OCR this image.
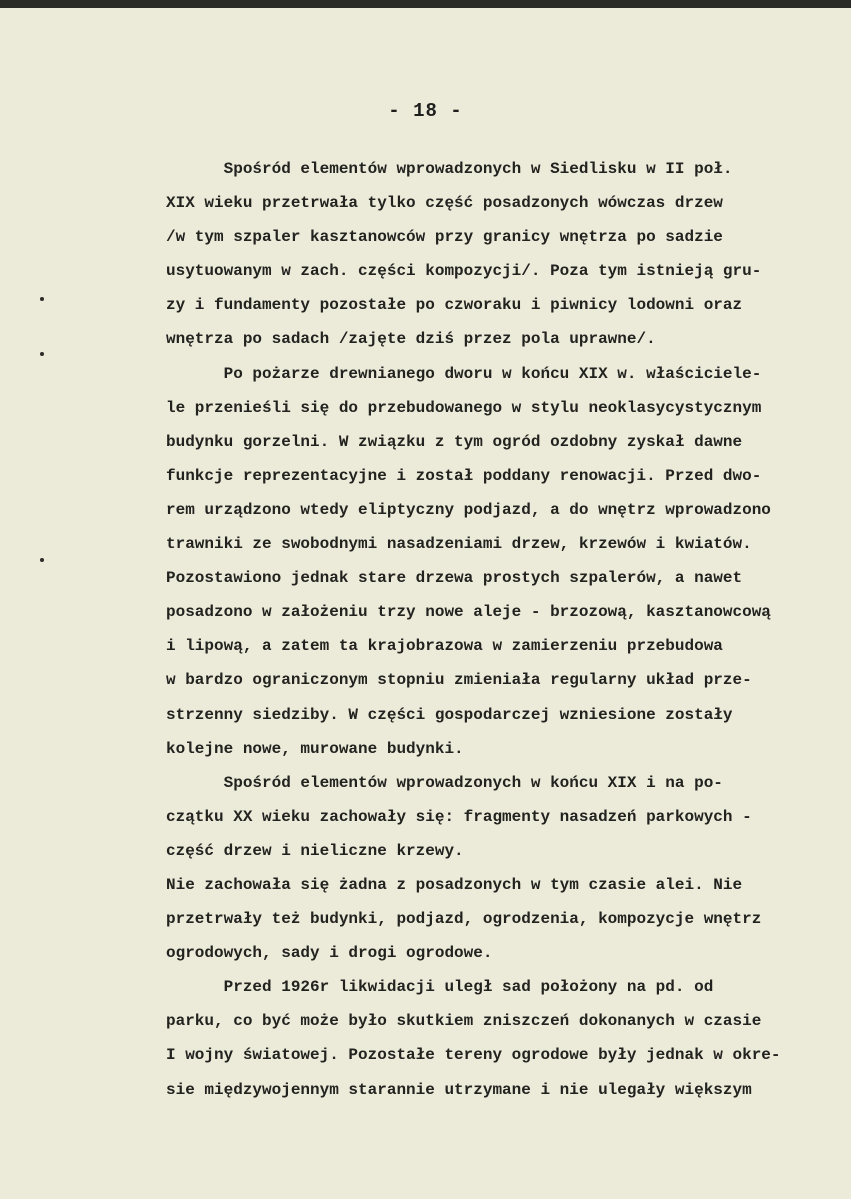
- 18 -
Spośród elementów wprowadzonych w Siedlisku w II poł.
XIX wieku przetrwała tylko część posadzonych wówczas drzew
/w tym szpaler kasztanowców przy granicy wnętrza po sadzie
usytuowanym w zach. części kompozycji/. Poza tym istnieją gru-
zy i fundamenty pozostałe po czworaku i piwnicy lodowni oraz
wnętrza po sadach /zajęte dziś przez pola uprawne/.
Po pożarze drewnianego dworu w końcu XIX w. właściciele-
le przenieśli się do przebudowanego w stylu neoklasycystycznym
budynku gorzelni. W związku z tym ogród ozdobny zyskał dawne
funkcje reprezentacyjne i został poddany renowacji. Przed dwo-
rem urządzono wtedy eliptyczny podjazd, a do wnętrz wprowadzono
trawniki ze swobodnymi nasadzeniami drzew, krzewów i kwiatów.
Pozostawiono jednak stare drzewa prostych szpalerów, a nawet
posadzono w założeniu trzy nowe aleje - brzozową, kasztanowcową
i lipową, a zatem ta krajobrazowa w zamierzeniu przebudowa
w bardzo ograniczonym stopniu zmieniała regularny układ prze-
strzenny siedziby. W części gospodarczej wzniesione zostały
kolejne nowe, murowane budynki.
Spośród elementów wprowadzonych w końcu XIX i na po-
czątku XX wieku zachowały się: fragmenty nasadzeń parkowych -
część drzew i nieliczne krzewy.
Nie zachowała się żadna z posadzonych w tym czasie alei. Nie
przetrwały też budynki, podjazd, ogrodzenia, kompozycje wnętrz
ogrodowych, sady i drogi ogrodowe.
Przed 1926r likwidacji uległ sad położony na pd. od
parku, co być może było skutkiem zniszczeń dokonanych w czasie
I wojny światowej. Pozostałe tereny ogrodowe były jednak w okre-
sie międzywojennym starannie utrzymane i nie ulegały większym
